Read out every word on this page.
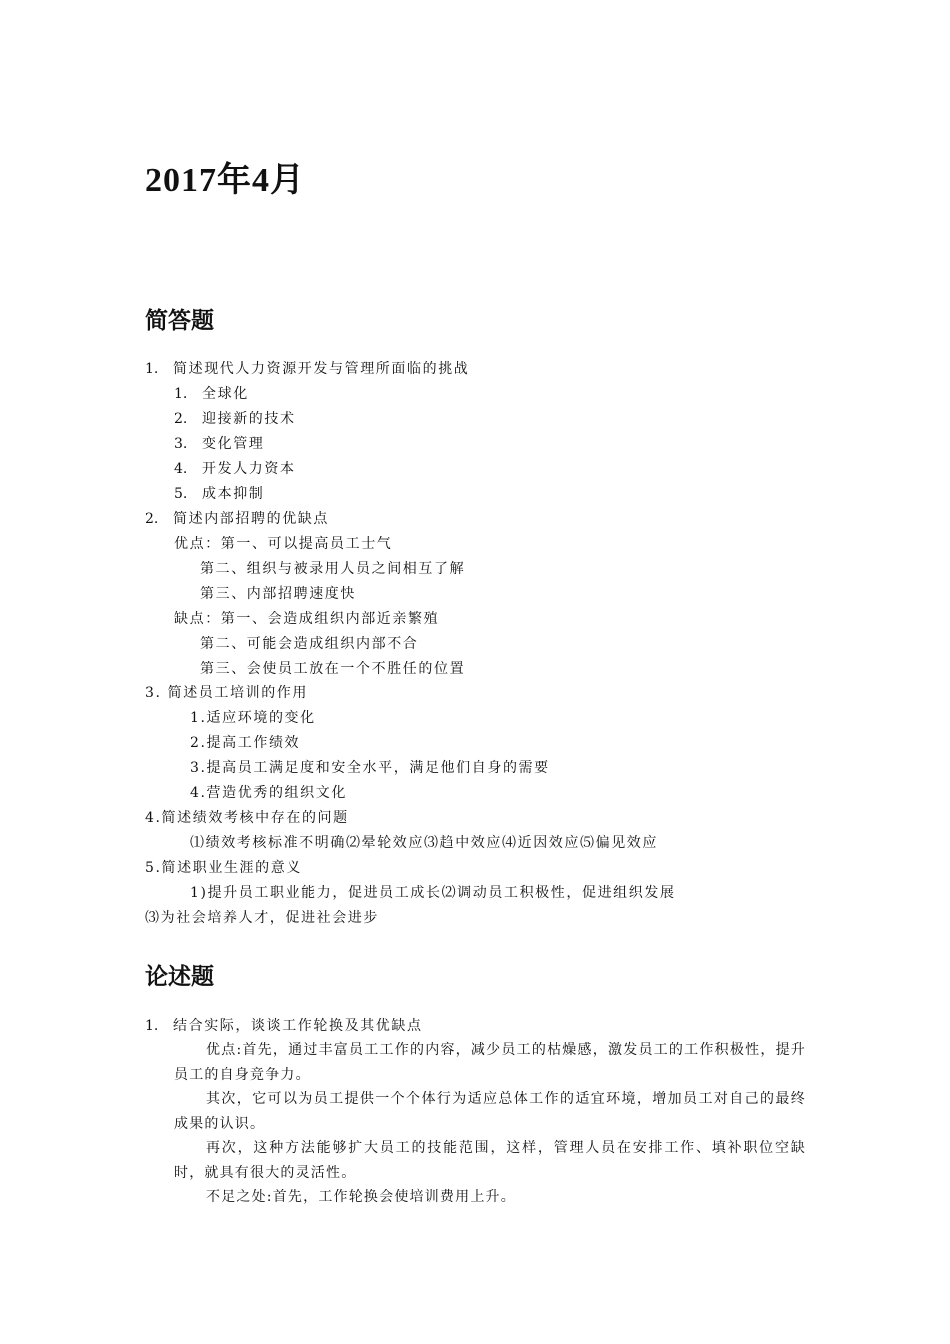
2017年4月
简答题

1. 简述现代人力资源开发与管理所面临的挑战

1. 全球化

2. 迎接新的技术

3. 变化管理

4. 开发人力资本

5. 成本抑制

2. 简述内部招聘的优缺点

优点：第一、可以提高员工士气

第二、组织与被录用人员之间相互了解

第三、内部招聘速度快

缺点：第一、会造成组织内部近亲繁殖

第二、可能会造成组织内部不合

第三、会使员工放在一个不胜任的位置

3. 简述员工培训的作用

1.适应环境的变化

2.提高工作绩效

3.提高员工满足度和安全水平，满足他们自身的需要

4.营造优秀的组织文化

4.简述绩效考核中存在的问题

⑴绩效考核标准不明确⑵晕轮效应⑶趋中效应⑷近因效应⑸偏见效应

5.简述职业生涯的意义

1)提升员工职业能力，促进员工成长⑵调动员工积极性，促进组织发展

⑶为社会培养人才，促进社会进步

论述题

1. 结合实际，谈谈工作轮换及其优缺点

优点:首先，通过丰富员工工作的内容，减少员工的枯燥感，激发员工的工作积极性，提升员工的自身竞争力。

其次，它可以为员工提供一个个体行为适应总体工作的适宜环境，增加员工对自己的最终成果的认识。

再次，这种方法能够扩大员工的技能范围，这样，管理人员在安排工作、填补职位空缺时，就具有很大的灵活性。

不足之处:首先，工作轮换会使培训费用上升。
